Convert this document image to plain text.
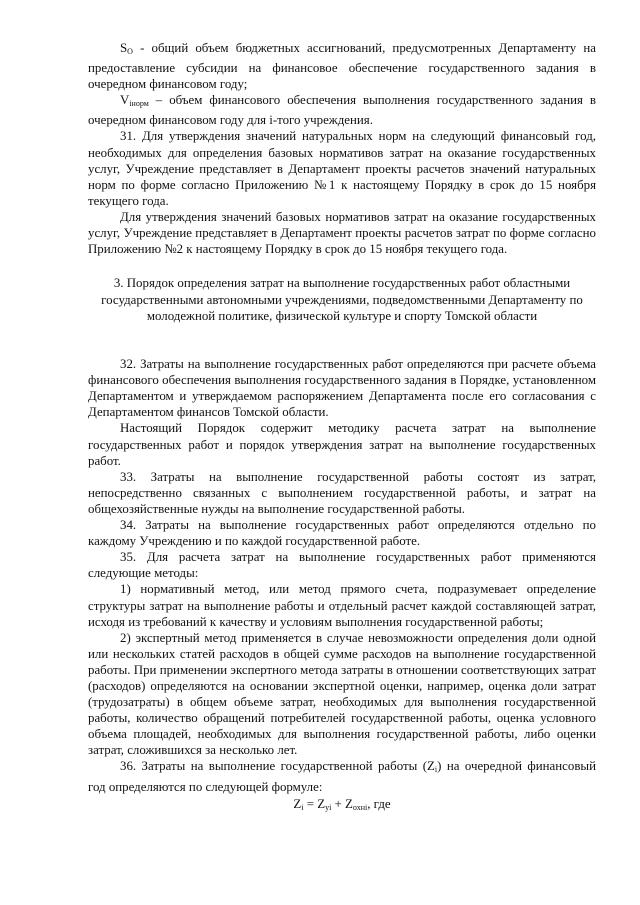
$S_О$ - общий объем бюджетных ассигнований, предусмотренных Департаменту на предоставление субсидии на финансовое обеспечение государственного задания в очередном финансовом году;

$V_{iнорм}$ – объем финансового обеспечения выполнения государственного задания в очередном финансовом году для i-того учреждения.

31. Для утверждения значений натуральных норм на следующий финансовый год, необходимых для определения базовых нормативов затрат на оказание государственных услуг, Учреждение представляет в Департамент проекты расчетов значений натуральных норм по форме согласно Приложению №1 к настоящему Порядку в срок до 15 ноября текущего года.

Для утверждения значений базовых нормативов затрат на оказание государственных услуг, Учреждение представляет в Департамент проекты расчетов затрат по форме согласно Приложению №2 к настоящему Порядку в срок до 15 ноября текущего года.

3. Порядок определения затрат на выполнение государственных работ областными государственными автономными учреждениями, подведомственными Департаменту по молодежной политике, физической культуре и спорту Томской области

32. Затраты на выполнение государственных работ определяются при расчете объема финансового обеспечения выполнения государственного задания в Порядке, установленном Департаментом и утверждаемом распоряжением Департамента после его согласования с Департаментом финансов Томской области.

Настоящий Порядок содержит методику расчета затрат на выполнение государственных работ и порядок утверждения затрат на выполнение государственных работ.

33. Затраты на выполнение государственной работы состоят из затрат, непосредственно связанных с выполнением государственной работы, и затрат на общехозяйственные нужды на выполнение государственной работы.

34. Затраты на выполнение государственных работ определяются отдельно по каждому Учреждению и по каждой государственной работе.

35. Для расчета затрат на выполнение государственных работ применяются следующие методы:

1) нормативный метод, или метод прямого счета, подразумевает определение структуры затрат на выполнение работы и отдельный расчет каждой составляющей затрат, исходя из требований к качеству и условиям выполнения государственной работы;

2) экспертный метод применяется в случае невозможности определения доли одной или нескольких статей расходов в общей сумме расходов на выполнение государственной работы. При применении экспертного метода затраты в отношении соответствующих затрат (расходов) определяются на основании экспертной оценки, например, оценка доли затрат (трудозатраты) в общем объеме затрат, необходимых для выполнения государственной работы, количество обращений потребителей государственной работы, оценка условного объема площадей, необходимых для выполнения государственной работы, либо оценки затрат, сложившихся за несколько лет.

36. Затраты на выполнение государственной работы $(Z_i)$ на очередной финансовый год определяются по следующей формуле:

$Z_i = Z_{yi} + Z_{охнi}$, где
